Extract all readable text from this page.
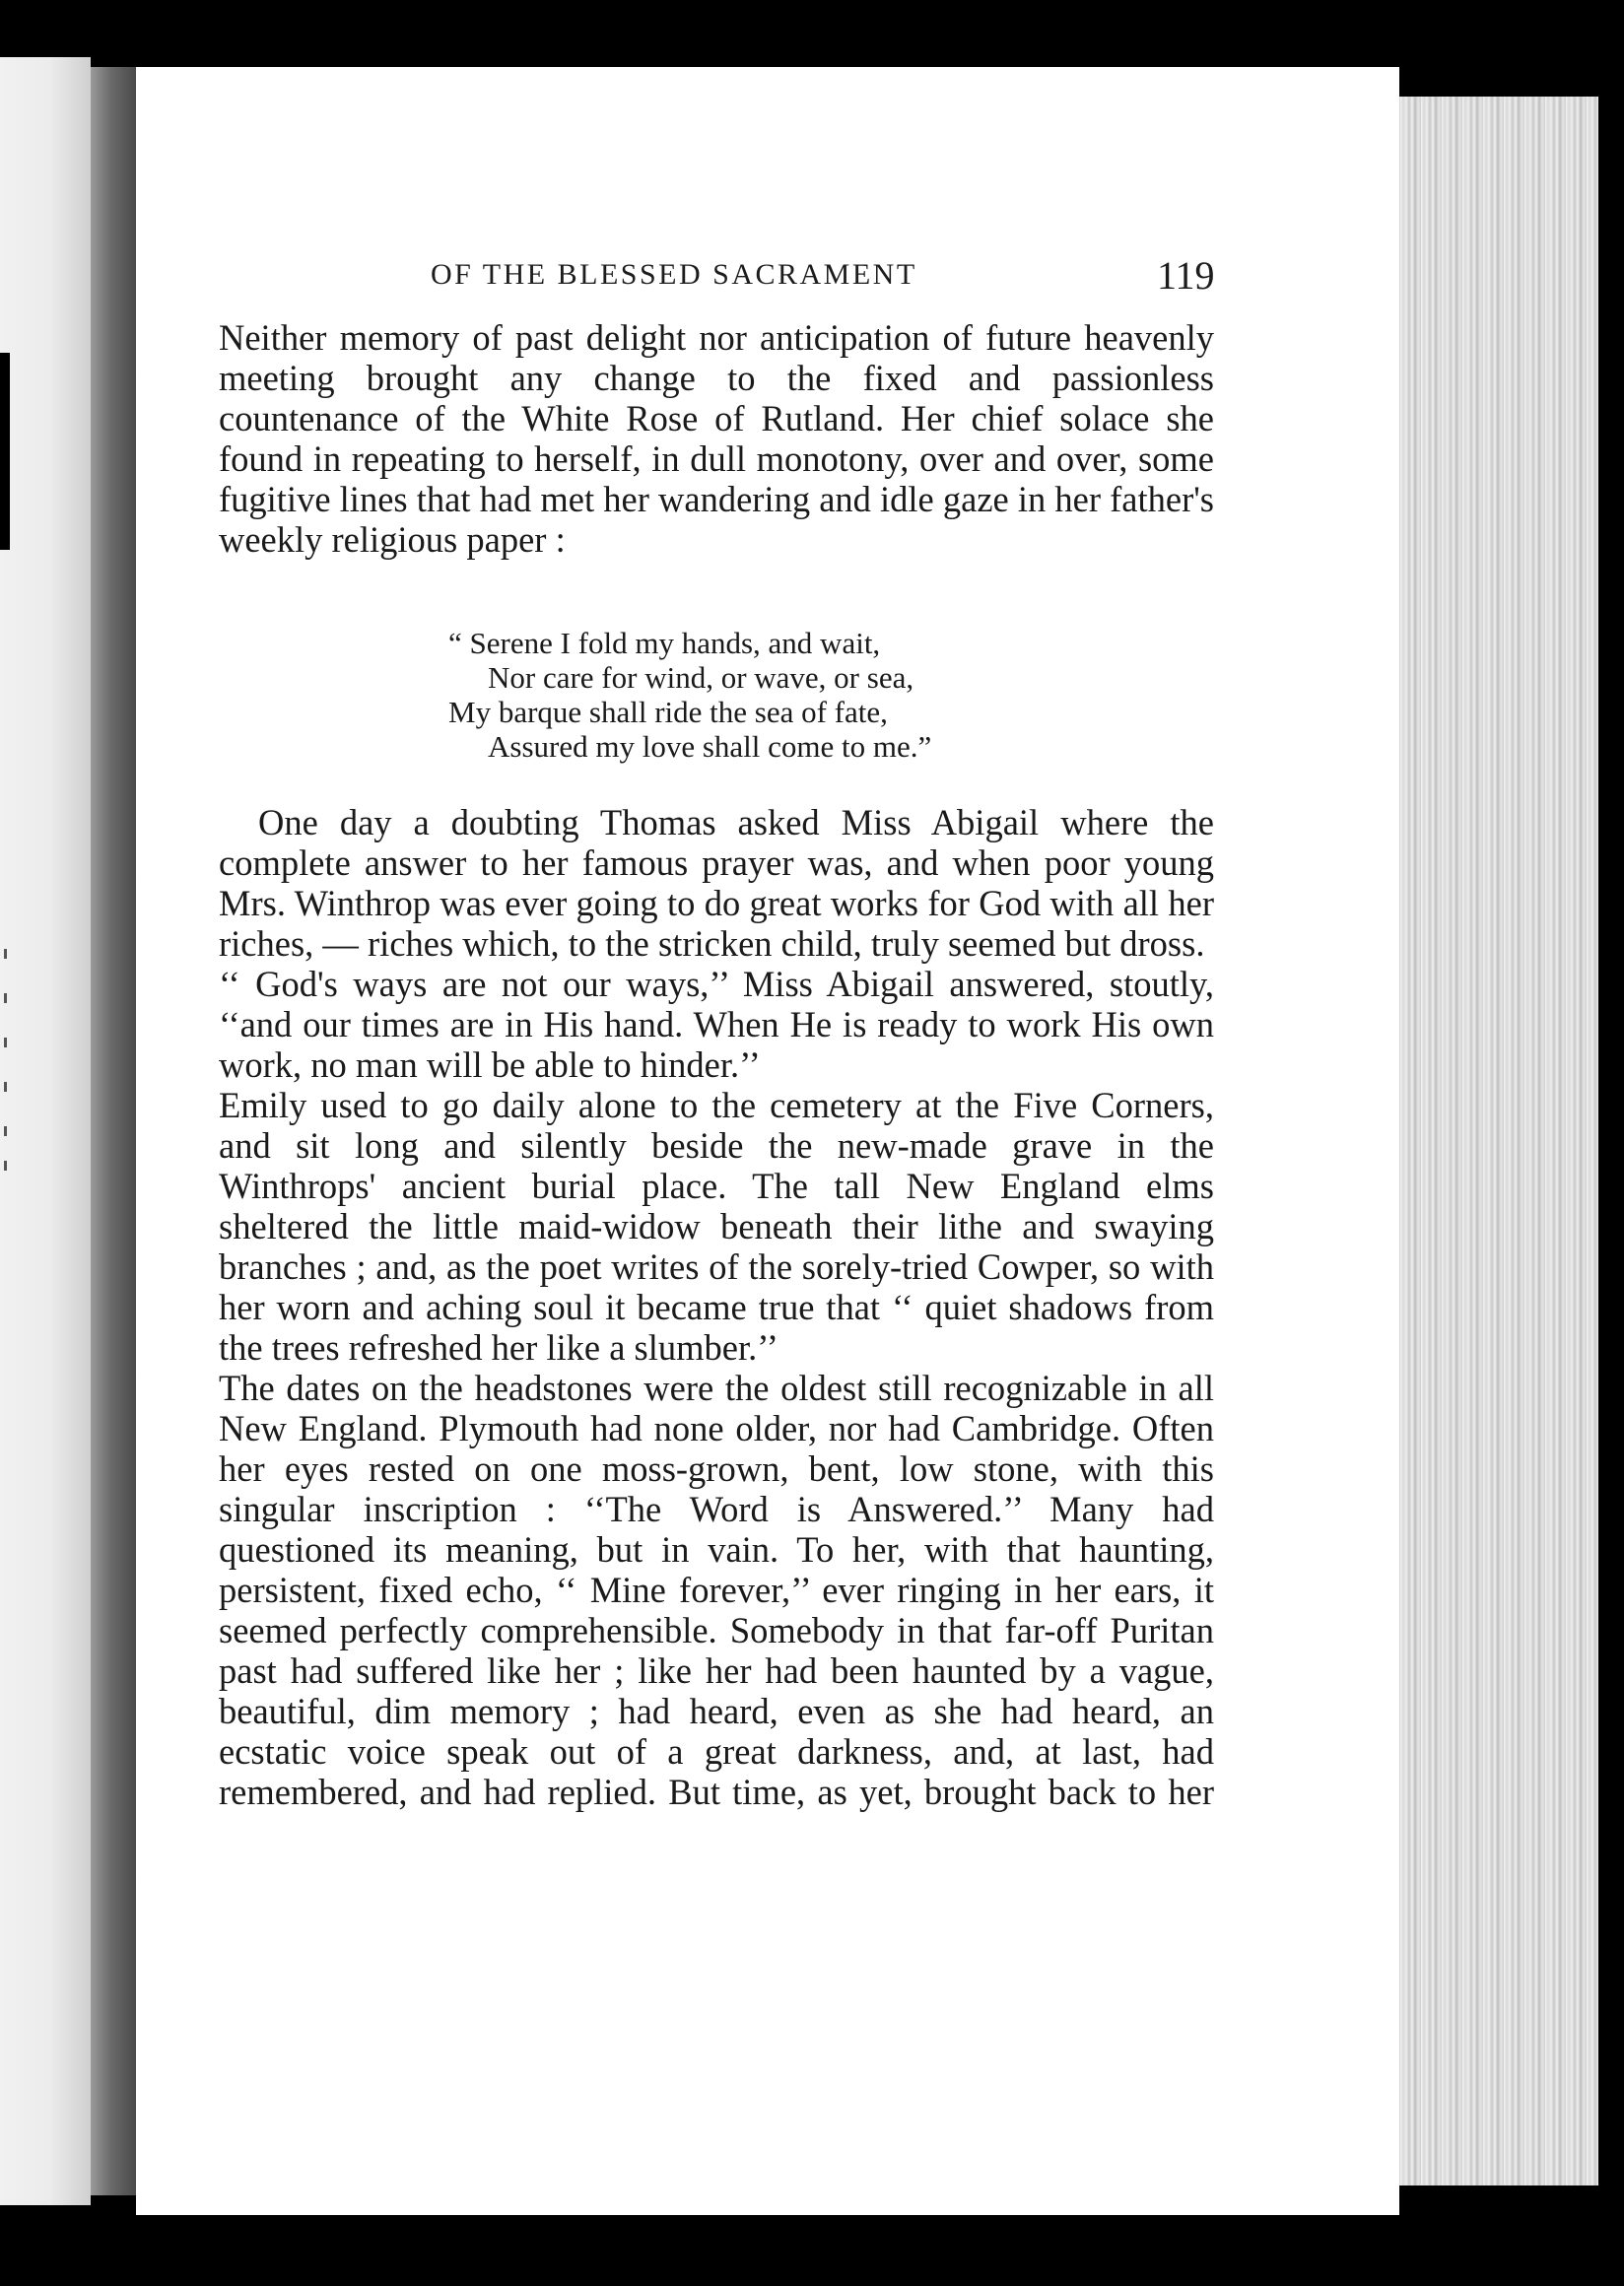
OF THE BLESSED SACRAMENT	119

Neither memory of past delight nor anticipation of future heavenly meeting brought any change to the fixed and passionless countenance of the White Rose of Rutland. Her chief solace she found in repeating to herself, in dull monotony, over and over, some fugitive lines that had met her wandering and idle gaze in her father's weekly religious paper :

“ Serene I fold my hands, and wait,
Nor care for wind, or wave, or sea,
My barque shall ride the sea of fate,
Assured my love shall come to me.”

One day a doubting Thomas asked Miss Abigail where the complete answer to her famous prayer was, and when poor young Mrs. Winthrop was ever going to do great works for God with all her riches, — riches which, to the stricken child, truly seemed but dross.

‘‘ God's ways are not our ways,’’ Miss Abigail answered, stoutly, ‘‘and our times are in His hand. When He is ready to work His own work, no man will be able to hinder.’’

Emily used to go daily alone to the cemetery at the Five Corners, and sit long and silently beside the new-made grave in the Winthrops' ancient burial place. The tall New England elms sheltered the little maid-widow beneath their lithe and swaying branches ; and, as the poet writes of the sorely-tried Cowper, so with her worn and aching soul it became true that ‘‘ quiet shadows from the trees refreshed her like a slumber.’’

The dates on the headstones were the oldest still recognizable in all New England. Plymouth had none older, nor had Cambridge. Often her eyes rested on one moss-grown, bent, low stone, with this singular inscription : ‘‘The Word is Answered.’’ Many had questioned its meaning, but in vain. To her, with that haunting, persistent, fixed echo, ‘‘ Mine forever,’’ ever ringing in her ears, it seemed perfectly comprehensible. Somebody in that far-off Puritan past had suffered like her ; like her had been haunted by a vague, beautiful, dim memory ; had heard, even as she had heard, an ecstatic voice speak out of a great darkness, and, at last, had remembered, and had replied. But time, as yet, brought back to her
